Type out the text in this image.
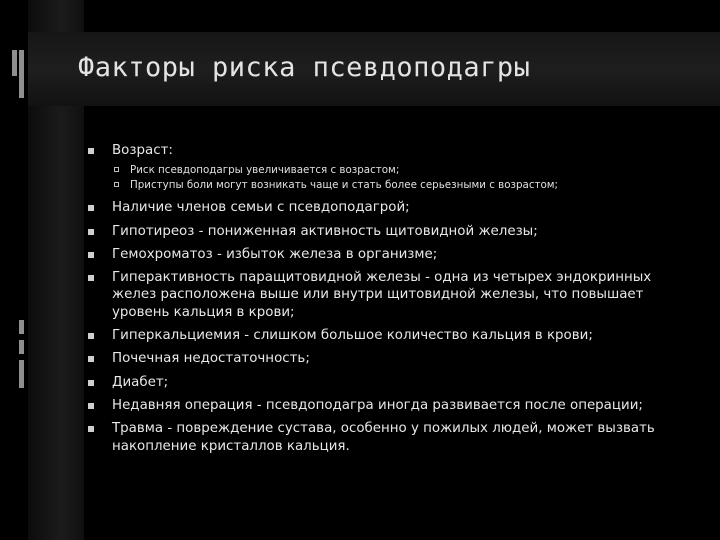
Факторы риска псевдоподагры
Возраст:
Риск псевдоподагры увеличивается с возрастом;
Приступы боли могут возникать чаще и стать более серьезными с возрастом;
Наличие членов семьи с псевдоподагрой;
Гипотиреоз - пониженная активность щитовидной железы;
Гемохроматоз - избыток железа в организме;
Гиперактивность паращитовидной железы - одна из четырех эндокринных желез расположена выше или внутри щитовидной железы, что повышает уровень кальция в крови;
Гиперкальциемия - слишком большое количество кальция в крови;
Почечная недостаточность;
Диабет;
Недавняя операция - псевдоподагра иногда развивается после операции;
Травма - повреждение сустава, особенно у пожилых людей, может вызвать накопление кристаллов кальция.
